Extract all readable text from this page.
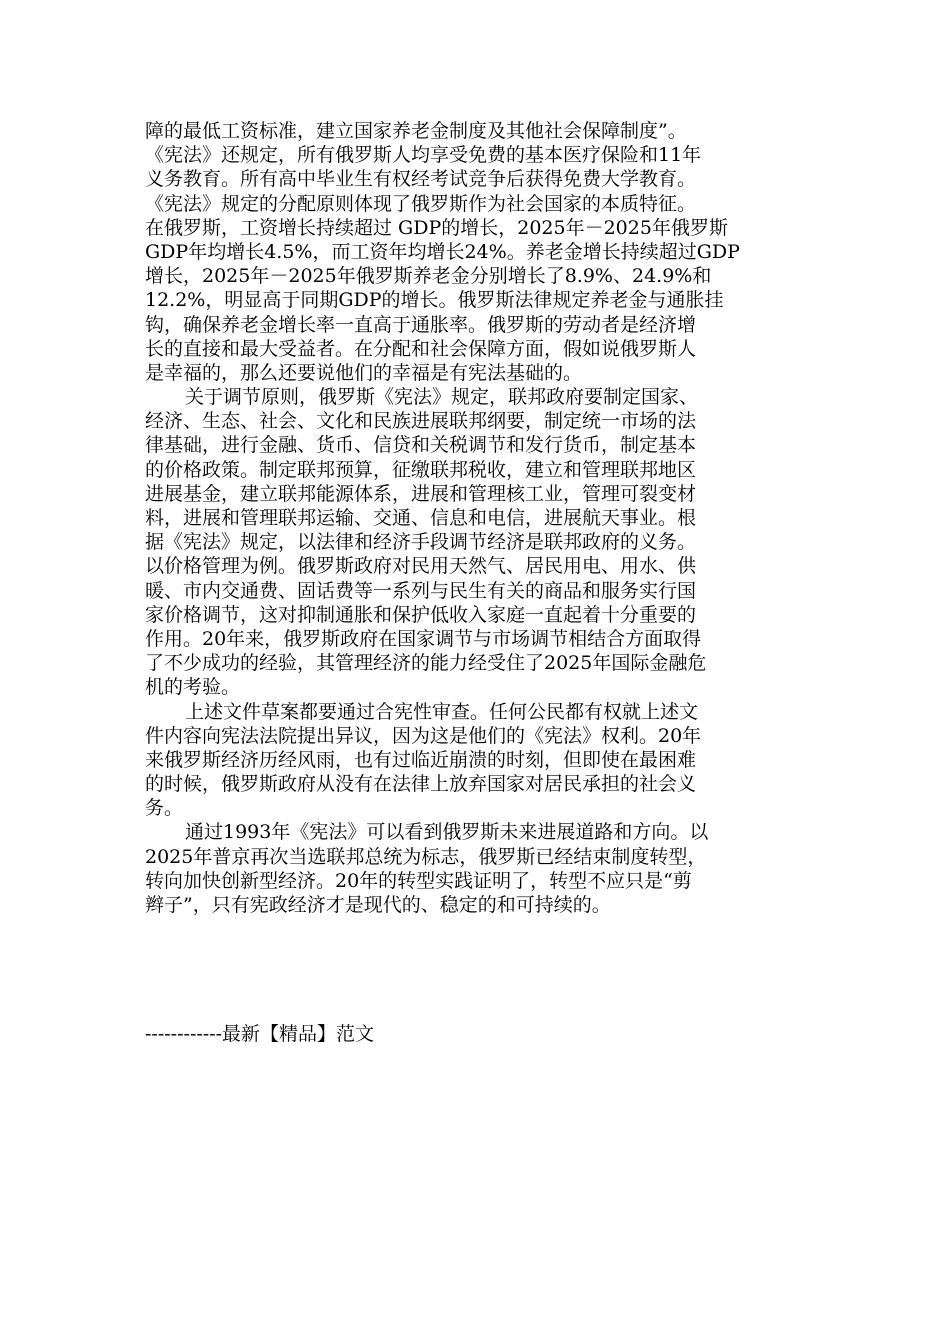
障的最低工资标准，建立国家养老金制度及其他社会保障制度”。
《宪法》还规定，所有俄罗斯人均享受免费的基本医疗保险和11年
义务教育。所有高中毕业生有权经考试竞争后获得免费大学教育。
《宪法》规定的分配原则体现了俄罗斯作为社会国家的本质特征。
在俄罗斯，工资增长持续超过 GDP的增长，2025年－2025年俄罗斯
GDP年均增长4.5%，而工资年均增长24%。养老金增长持续超过GDP
增长，2025年－2025年俄罗斯养老金分别增长了8.9%、24.9%和
12.2%，明显高于同期GDP的增长。俄罗斯法律规定养老金与通胀挂
钩，确保养老金增长率一直高于通胀率。俄罗斯的劳动者是经济增
长的直接和最大受益者。在分配和社会保障方面，假如说俄罗斯人
是幸福的，那么还要说他们的幸福是有宪法基础的。
关于调节原则，俄罗斯《宪法》规定，联邦政府要制定国家、
经济、生态、社会、文化和民族进展联邦纲要，制定统一市场的法
律基础，进行金融、货币、信贷和关税调节和发行货币，制定基本
的价格政策。制定联邦预算，征缴联邦税收，建立和管理联邦地区
进展基金，建立联邦能源体系，进展和管理核工业，管理可裂变材
料，进展和管理联邦运输、交通、信息和电信，进展航天事业。根
据《宪法》规定，以法律和经济手段调节经济是联邦政府的义务。
以价格管理为例。俄罗斯政府对民用天然气、居民用电、用水、供
暖、市内交通费、固话费等一系列与民生有关的商品和服务实行国
家价格调节，这对抑制通胀和保护低收入家庭一直起着十分重要的
作用。20年来，俄罗斯政府在国家调节与市场调节相结合方面取得
了不少成功的经验，其管理经济的能力经受住了2025年国际金融危
机的考验。
上述文件草案都要通过合宪性审查。任何公民都有权就上述文
件内容向宪法法院提出异议，因为这是他们的《宪法》权利。20年
来俄罗斯经济历经风雨，也有过临近崩溃的时刻，但即使在最困难
的时候，俄罗斯政府从没有在法律上放弃国家对居民承担的社会义
务。
通过1993年《宪法》可以看到俄罗斯未来进展道路和方向。以
2025年普京再次当选联邦总统为标志，俄罗斯已经结束制度转型，
转向加快创新型经济。20年的转型实践证明了，转型不应只是“剪
辫子”，只有宪政经济才是现代的、稳定的和可持续的。
------------最新【精品】范文
